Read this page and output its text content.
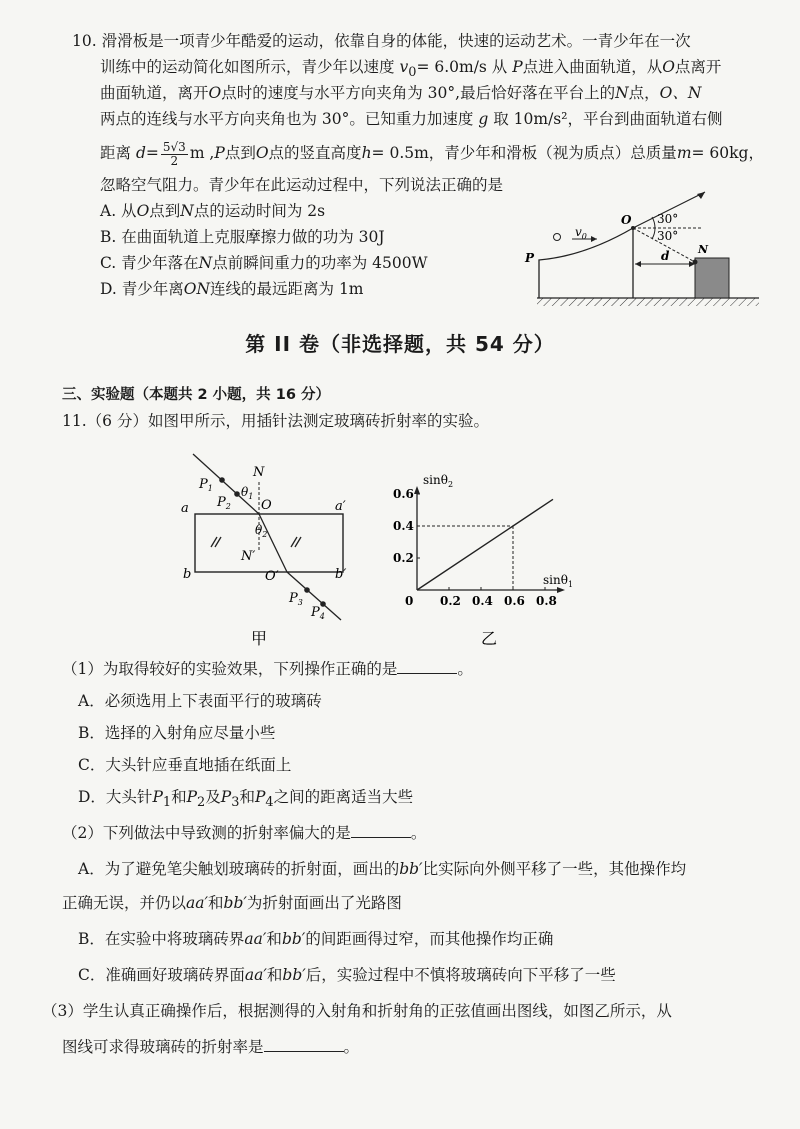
10. 滑滑板是一项青少年酷爱的运动，依靠自身的体能，快速的运动艺术。一青少年在一次
训练中的运动简化如图所示，青少年以速度 $v_0= 6.0m/s$ 从 P点进入曲面轨道，从O点离开
曲面轨道，离开O点时的速度与水平方向夹角为 30°,最后恰好落在平台上的N点，O、N
两点的连线与水平方向夹角也为 30°。已知重力加速度 g 取 10m/s²，平台到曲面轨道右侧
距离 $d= \frac{5√3}{2}$ m ,P点到O点的竖直高度h= 0.5m，青少年和滑板（视为质点）总质量m= 60kg，
忽略空气阻力。青少年在此运动过程中，下列说法正确的是
A. 从O点到N点的运动时间为 2s
B. 在曲面轨道上克服摩擦力做的功为 30J
C. 青少年落在N点前瞬间重力的功率为 4500W
D. 青少年离ON连线的最远距离为 1m
$v_0$
P
O
N
d
30°
30°
第 II 卷（非选择题，共 54 分）
三、实验题（本题共 2 小题，共 16 分）
11.（6 分）如图甲所示，用插针法测定玻璃砖折射率的实验。
N
N′
O
O′
a	a′
b	b′
$P_1$
$P_2$
$P_3$
$P_4$
$\theta_1$
$\theta_2$
甲
0.2 0.4 0.6 0.8
0.2
0.4
0.6
sinθ$_2$
sinθ$_1$
0
乙
（1）为取得较好的实验效果，下列操作正确的是	。
A．必须选用上下表面平行的玻璃砖
B．选择的入射角应尽量小些
C．大头针应垂直地插在纸面上
D．大头针$P_1$和$P_2$及$P_3$和$P_4$之间的距离适当大些
（2）下列做法中导致测的折射率偏大的是	。
A．为了避免笔尖触划玻璃砖的折射面，画出的bb′比实际向外侧平移了一些，其他操作均
正确无误，并仍以aa′和bb′为折射面画出了光路图
B．在实验中将玻璃砖界aa′和bb′的间距画得过窄，而其他操作均正确
C．准确画好玻璃砖界面aa′和bb′后，实验过程中不慎将玻璃砖向下平移了一些
（3）学生认真正确操作后，根据测得的入射角和折射角的正弦值画出图线，如图乙所示，从
图线可求得玻璃砖的折射率是	。
